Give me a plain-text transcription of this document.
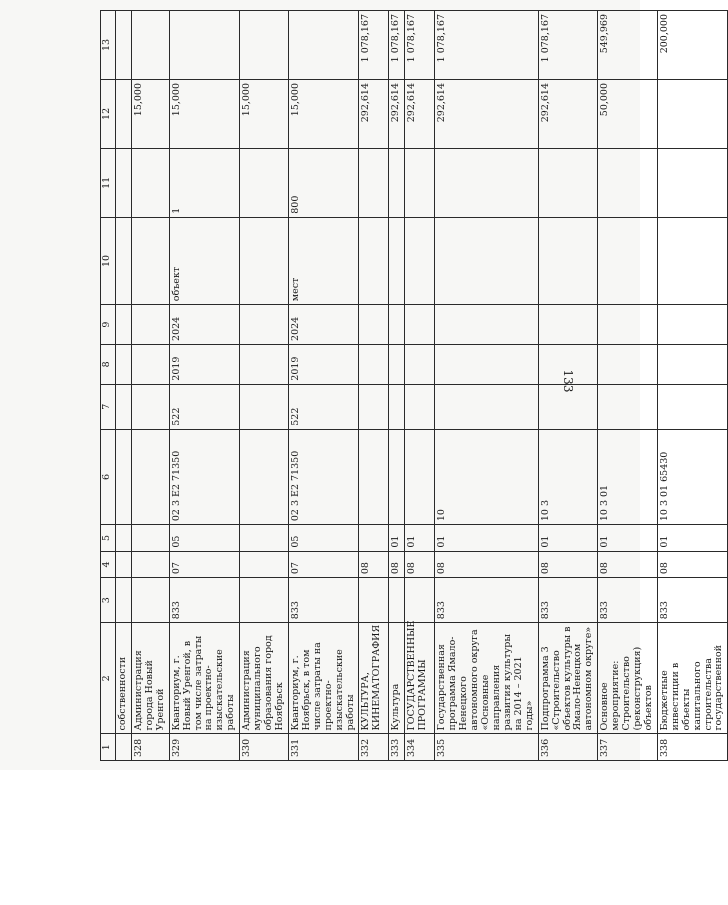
133
1	2	3	4	5	6	7	8	9	10	11	12	13
	собственности											
328	Администрация города Новый Уренгой										15,000	
329	Кванториум, г. Новый Уренгой, в том числе затраты на проектно-изыскательские работы	833	07	05	02 3 E2 71350	522	2019	2024	объект	1	15,000	
330	Администрация муниципального образования город Ноябрьск										15,000	
331	Кванториум, г. Ноябрьск, в том числе затраты на проектно-изыскательские работы	833	07	05	02 3 E2 71350	522	2019	2024	мест	800	15,000	
332	КУЛЬТУРА, КИНЕМАТОГРАФИЯ		08								292,614	1 078,167
333	Культура		08	01							292,614	1 078,167
334	ГОСУДАРСТВЕННЫЕ ПРОГРАММЫ		08	01							292,614	1 078,167
335	Государственная программа Ямало-Ненецкого автономного округа «Основные направления развития культуры на 2014 – 2021 годы»	833	08	01	10						292,614	1 078,167
336	Подпрограмма 3 «Строительство объектов культуры в Ямало-Ненецком автономном округе»	833	08	01	10 3						292,614	1 078,167
337	Основное мероприятие: Строительство (реконструкция) объектов	833	08	01	10 3 01						50,000	549,969
338	Бюджетные инвестиции в объекты капитального строительства государственной	833	08	01	10 3 01 65430							200,000
